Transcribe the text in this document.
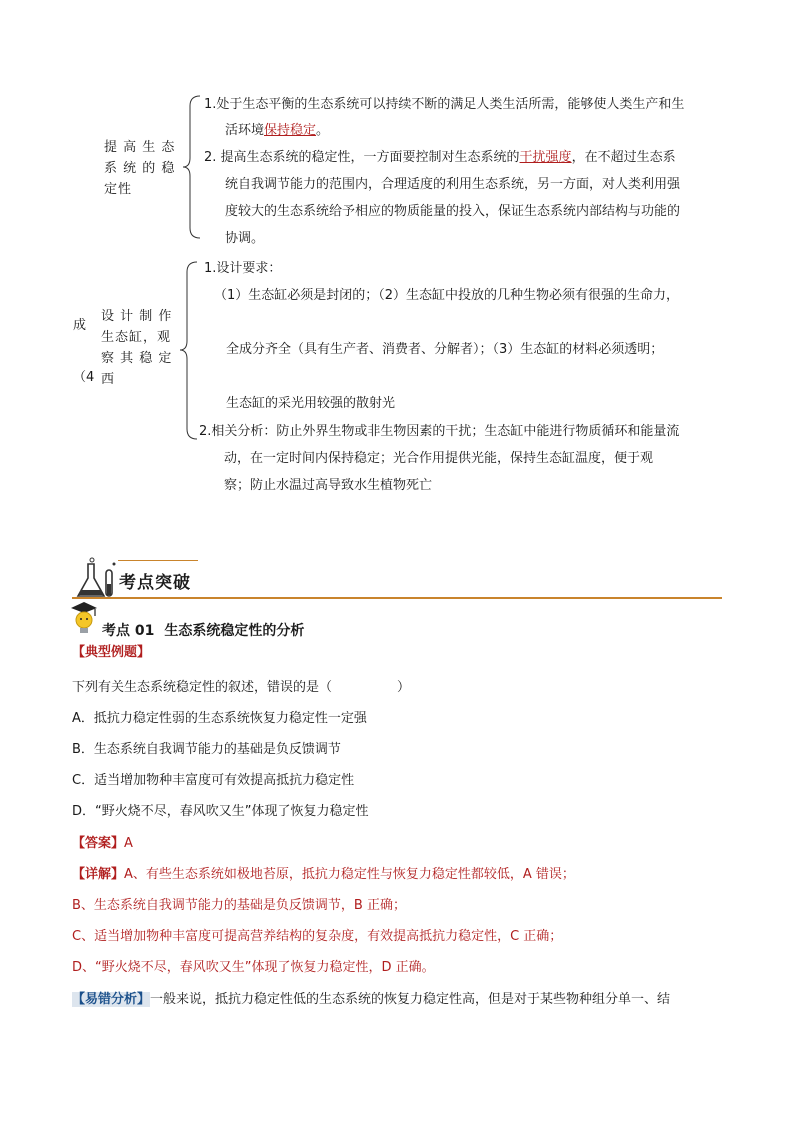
提 高 生 态
系 统 的 稳
定性
1.处于生态平衡的生态系统可以持续不断的满足人类生活所需，能够使人类生产和生
活环境保持稳定。
2. 提高生态系统的稳定性，一方面要控制对生态系统的干扰强度，在不超过生态系
统自我调节能力的范围内，合理适度的利用生态系统，另一方面，对人类利用强
度较大的生态系统给予相应的物质能量的投入，保证生态系统内部结构与功能的
协调。
成
（4
设 计 制 作
生态缸，观
察 其 稳 定
西
1.设计要求：
（1）生态缸必须是封闭的；（2）生态缸中投放的几种生物必须有很强的生命力，
全成分齐全（具有生产者、消费者、分解者）；（3）生态缸的材料必须透明；
生态缸的采光用较强的散射光
2.相关分析：防止外界生物或非生物因素的干扰；生态缸中能进行物质循环和能量流
动，在一定时间内保持稳定；光合作用提供光能，保持生态缸温度，便于观
察；防止水温过高导致水生植物死亡
考点突破
考点 01 生态系统稳定性的分析
【典型例题】
下列有关生态系统稳定性的叙述，错误的是（　　　　　）
A．抵抗力稳定性弱的生态系统恢复力稳定性一定强
B．生态系统自我调节能力的基础是负反馈调节
C．适当增加物种丰富度可有效提高抵抗力稳定性
D．“野火烧不尽，春风吹又生”体现了恢复力稳定性
【答案】A
【详解】A、有些生态系统如极地苔原，抵抗力稳定性与恢复力稳定性都较低，A 错误；
B、生态系统自我调节能力的基础是负反馈调节，B 正确；
C、适当增加物种丰富度可提高营养结构的复杂度，有效提高抵抗力稳定性，C 正确；
D、“野火烧不尽，春风吹又生”体现了恢复力稳定性，D 正确。
【易错分析】一般来说，抵抗力稳定性低的生态系统的恢复力稳定性高，但是对于某些物种组分单一、结
